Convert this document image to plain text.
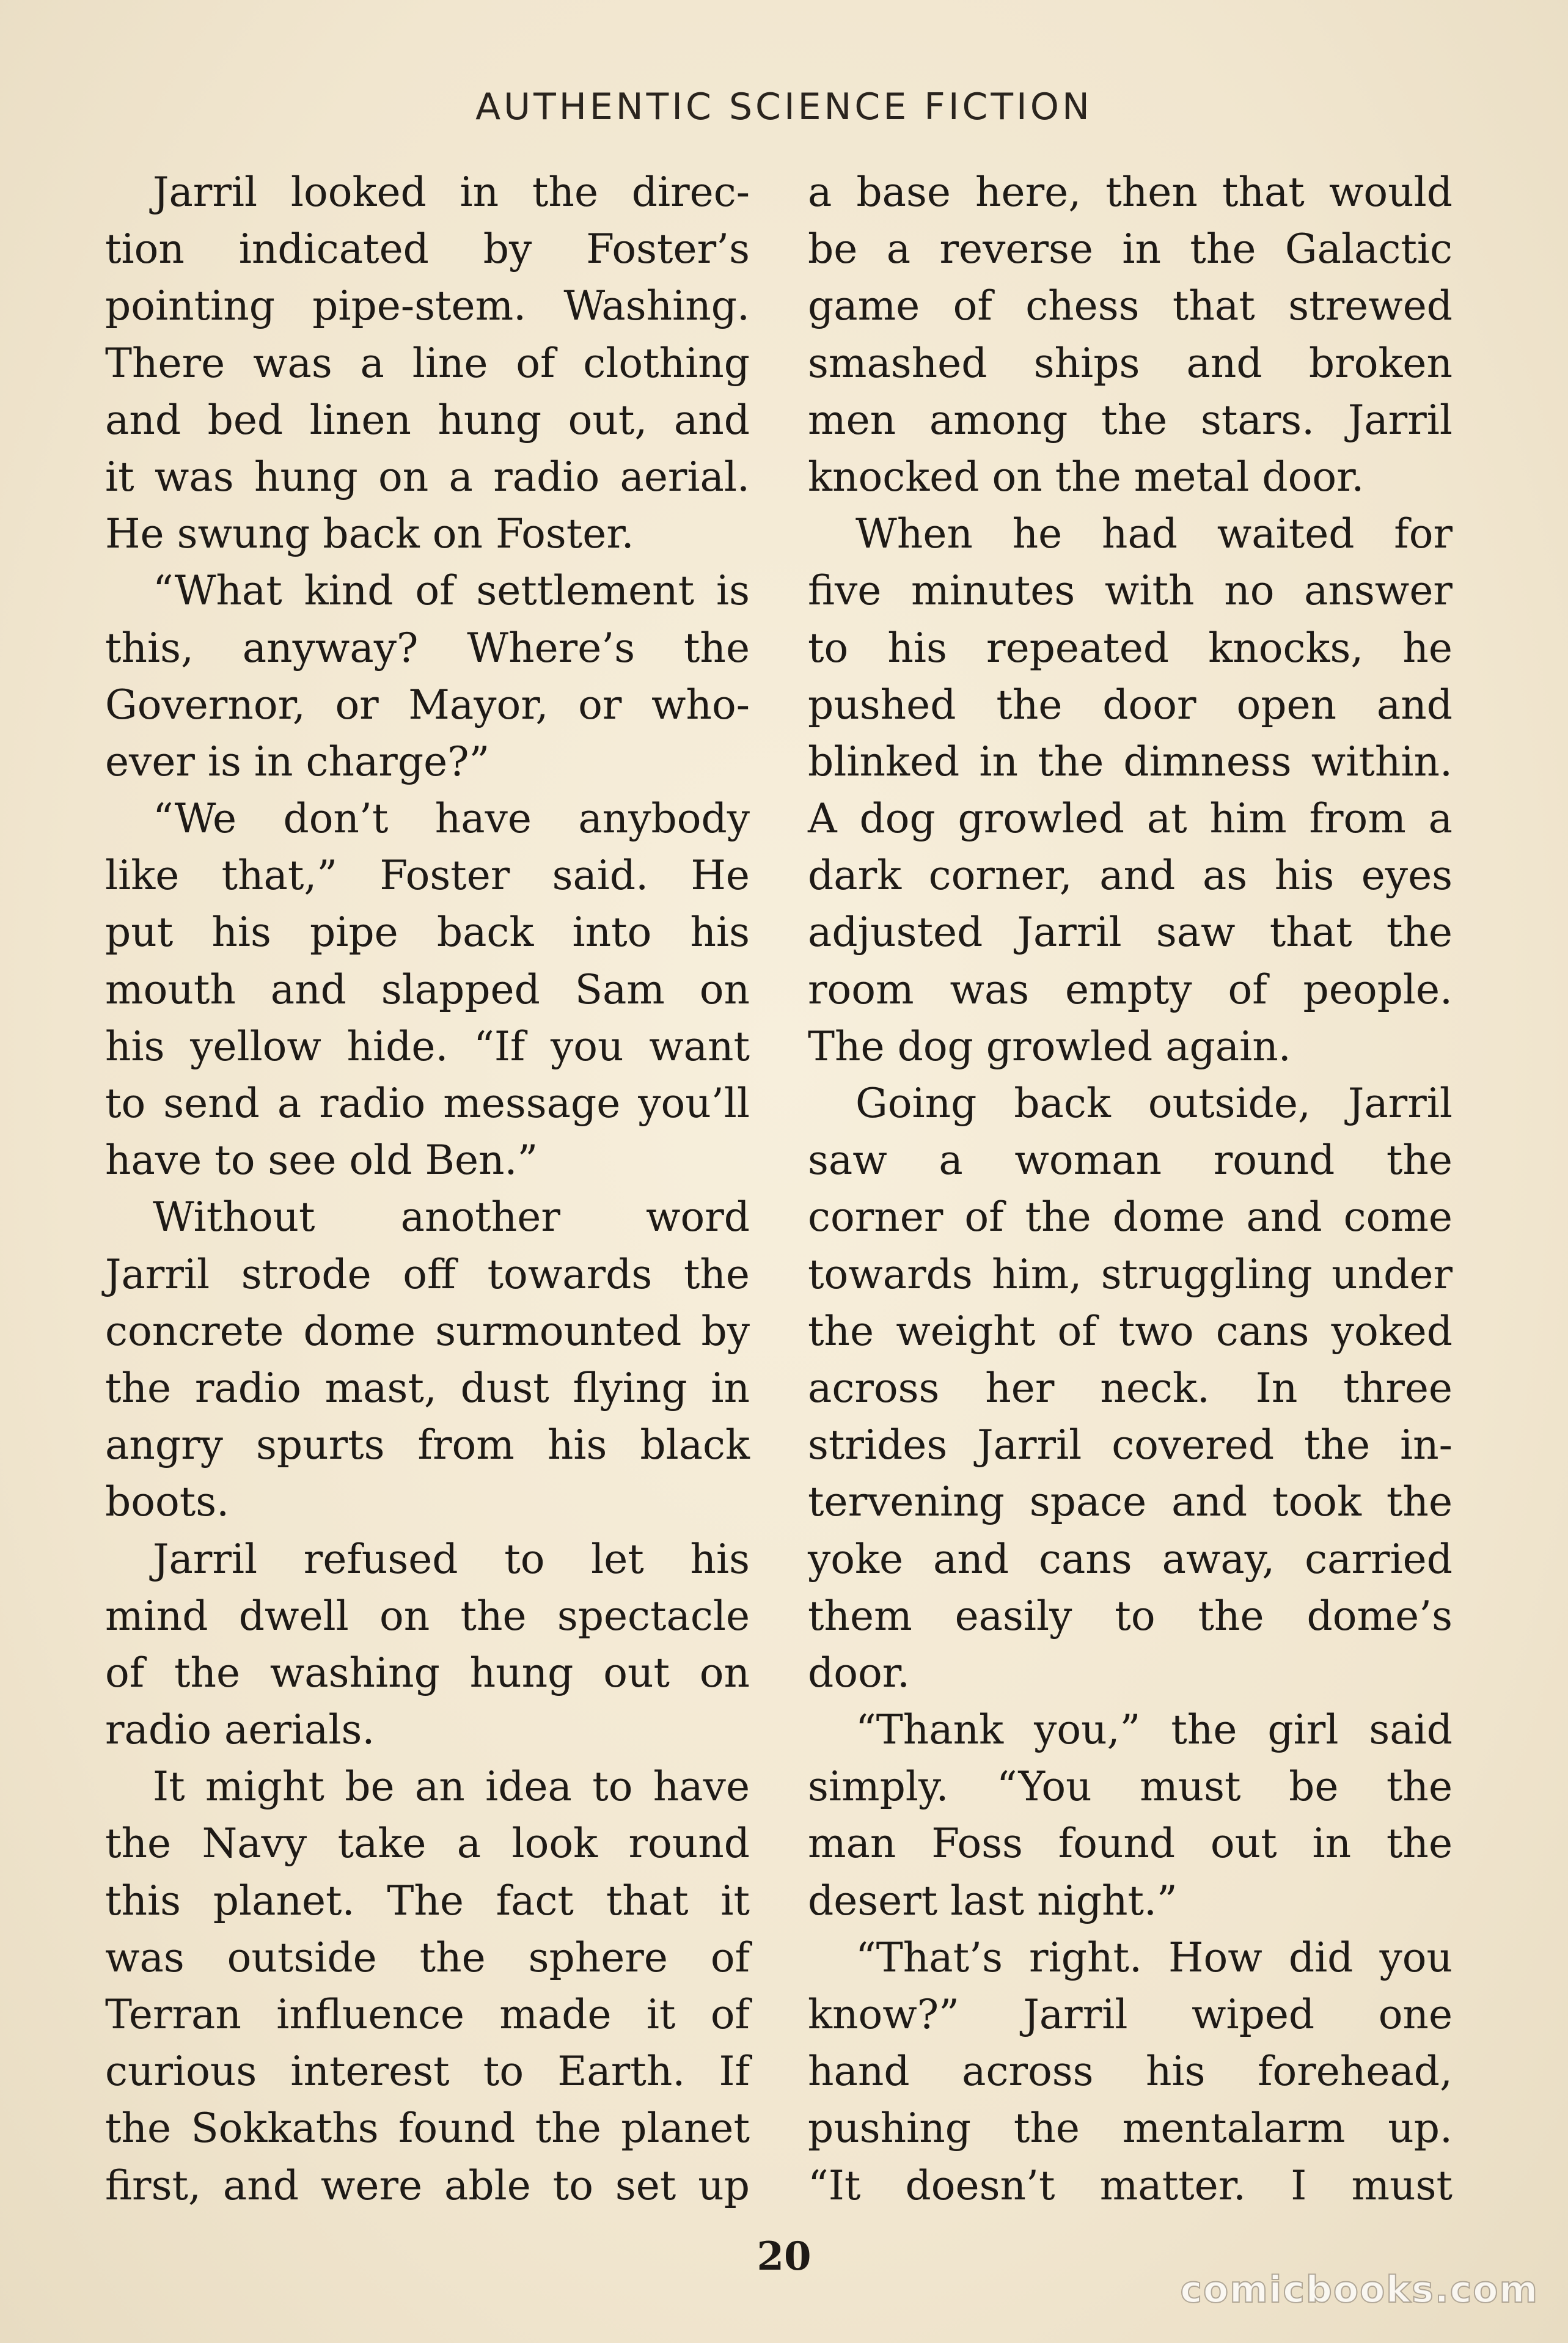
AUTHENTIC SCIENCE FICTION
Jarril looked in the direc-
tion indicated by Foster’s
pointing pipe-stem. Washing.
There was a line of clothing
and bed linen hung out, and
it was hung on a radio aerial.
He swung back on Foster.
“What kind of settlement is
this, anyway? Where’s the
Governor, or Mayor, or who-
ever is in charge?”
“We don’t have anybody
like that,” Foster said. He
put his pipe back into his
mouth and slapped Sam on
his yellow hide. “If you want
to send a radio message you’ll
have to see old Ben.”
Without another word
Jarril strode off towards the
concrete dome surmounted by
the radio mast, dust flying in
angry spurts from his black
boots.
Jarril refused to let his
mind dwell on the spectacle
of the washing hung out on
radio aerials.
It might be an idea to have
the Navy take a look round
this planet. The fact that it
was outside the sphere of
Terran influence made it of
curious interest to Earth. If
the Sokkaths found the planet
first, and were able to set up
a base here, then that would
be a reverse in the Galactic
game of chess that strewed
smashed ships and broken
men among the stars. Jarril
knocked on the metal door.
When he had waited for
five minutes with no answer
to his repeated knocks, he
pushed the door open and
blinked in the dimness within.
A dog growled at him from a
dark corner, and as his eyes
adjusted Jarril saw that the
room was empty of people.
The dog growled again.
Going back outside, Jarril
saw a woman round the
corner of the dome and come
towards him, struggling under
the weight of two cans yoked
across her neck. In three
strides Jarril covered the in-
tervening space and took the
yoke and cans away, carried
them easily to the dome’s
door.
“Thank you,” the girl said
simply. “You must be the
man Foss found out in the
desert last night.”
“That’s right. How did you
know?” Jarril wiped one
hand across his forehead,
pushing the mentalarm up.
“It doesn’t matter. I must
20
comicbooks.com
